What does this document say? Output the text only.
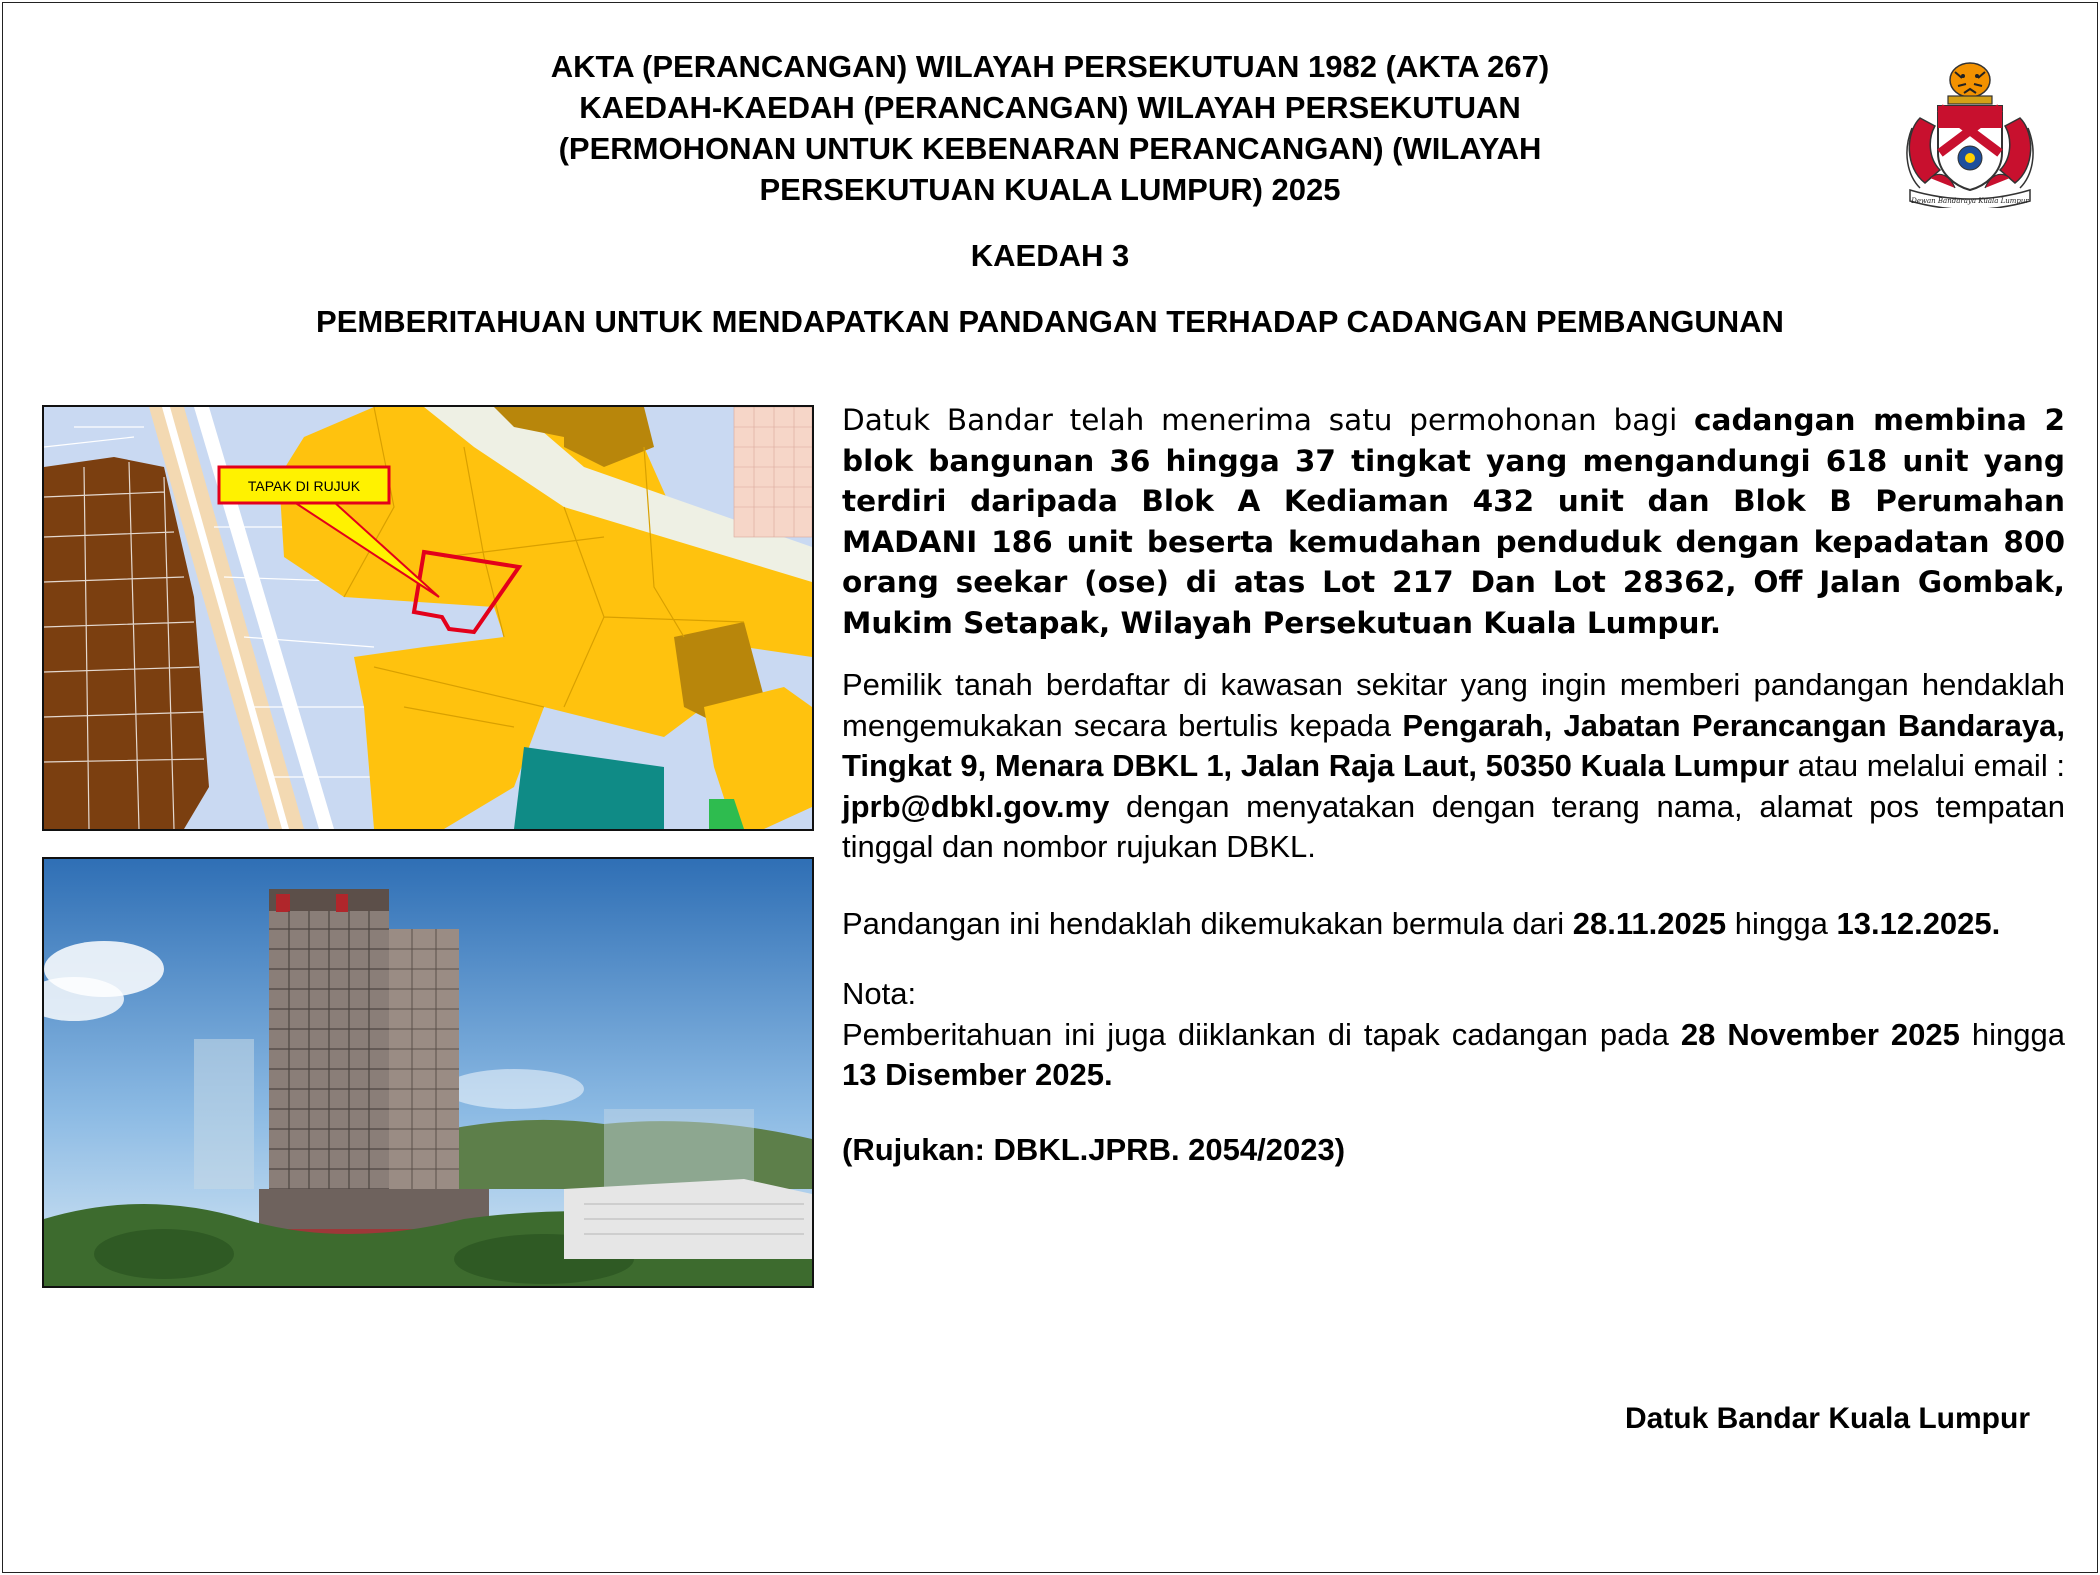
AKTA (PERANCANGAN) WILAYAH PERSEKUTUAN 1982 (AKTA 267)
KAEDAH-KAEDAH (PERANCANGAN) WILAYAH PERSEKUTUAN
(PERMOHONAN UNTUK KEBENARAN PERANCANGAN) (WILAYAH
PERSEKUTUAN KUALA LUMPUR) 2025
KAEDAH 3
PEMBERITAHUAN UNTUK MENDAPATKAN PANDANGAN TERHADAP CADANGAN PEMBANGUNAN
Dewan Bandaraya Kuala Lumpur
TAPAK DI RUJUK

Datuk Bandar telah menerima satu permohonan bagi cadangan membina 2 blok bangunan 36 hingga 37 tingkat yang mengandungi 618 unit yang terdiri daripada Blok A Kediaman 432 unit dan Blok B Perumahan MADANI 186 unit beserta kemudahan penduduk dengan kepadatan 800 orang seekar (ose) di atas Lot 217 Dan Lot 28362, Off Jalan Gombak, Mukim Setapak, Wilayah Persekutuan Kuala Lumpur.

Pemilik tanah berdaftar di kawasan sekitar yang ingin memberi pandangan hendaklah mengemukakan secara bertulis kepada Pengarah, Jabatan Perancangan Bandaraya, Tingkat 9, Menara DBKL 1, Jalan Raja Laut, 50350 Kuala Lumpur atau melalui email : jprb@dbkl.gov.my dengan menyatakan dengan terang nama, alamat pos tempatan tinggal dan nombor rujukan DBKL.

Pandangan ini hendaklah dikemukakan bermula dari 28.11.2025 hingga 13.12.2025.

Nota:

Pemberitahuan ini juga diiklankan di tapak cadangan pada 28 November 2025 hingga 13 Disember 2025.

(Rujukan: DBKL.JPRB. 2054/2023)

Datuk Bandar Kuala Lumpur
